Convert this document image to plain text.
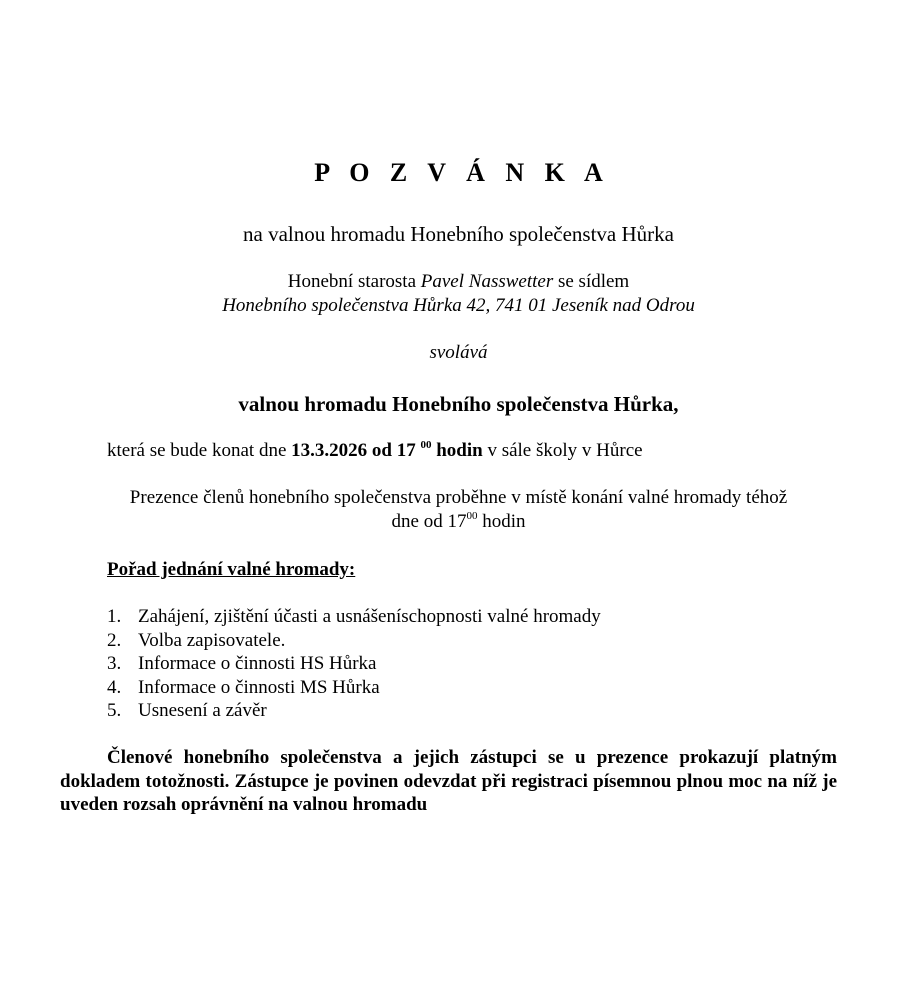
P O Z V Á N K A
na valnou hromadu Honebního společenstva Hůrka
Honební starosta Pavel Nasswetter se sídlem
Honebního společenstva Hůrka 42, 741 01 Jeseník nad Odrou
svolává
valnou hromadu Honebního společenstva Hůrka,
která se bude konat dne 13.3.2026 od 17 $^{00}$ hodin v sále školy v Hůrce
Prezence členů honebního společenstva proběhne v místě konání valné hromady téhož
dne od $17^{00}$ hodin
Pořad jednání valné hromady:
1. Zahájení, zjištění účasti a usnášeníschopnosti valné hromady
2. Volba zapisovatele.
3. Informace o činnosti HS Hůrka
4. Informace o činnosti MS Hůrka
5. Usnesení a závěr

Členové honebního společenstva a jejich zástupci se u prezence prokazují platným dokladem totožnosti. Zástupce je povinen odevzdat při registraci písemnou plnou moc na níž je uveden rozsah oprávnění na valnou hromadu
